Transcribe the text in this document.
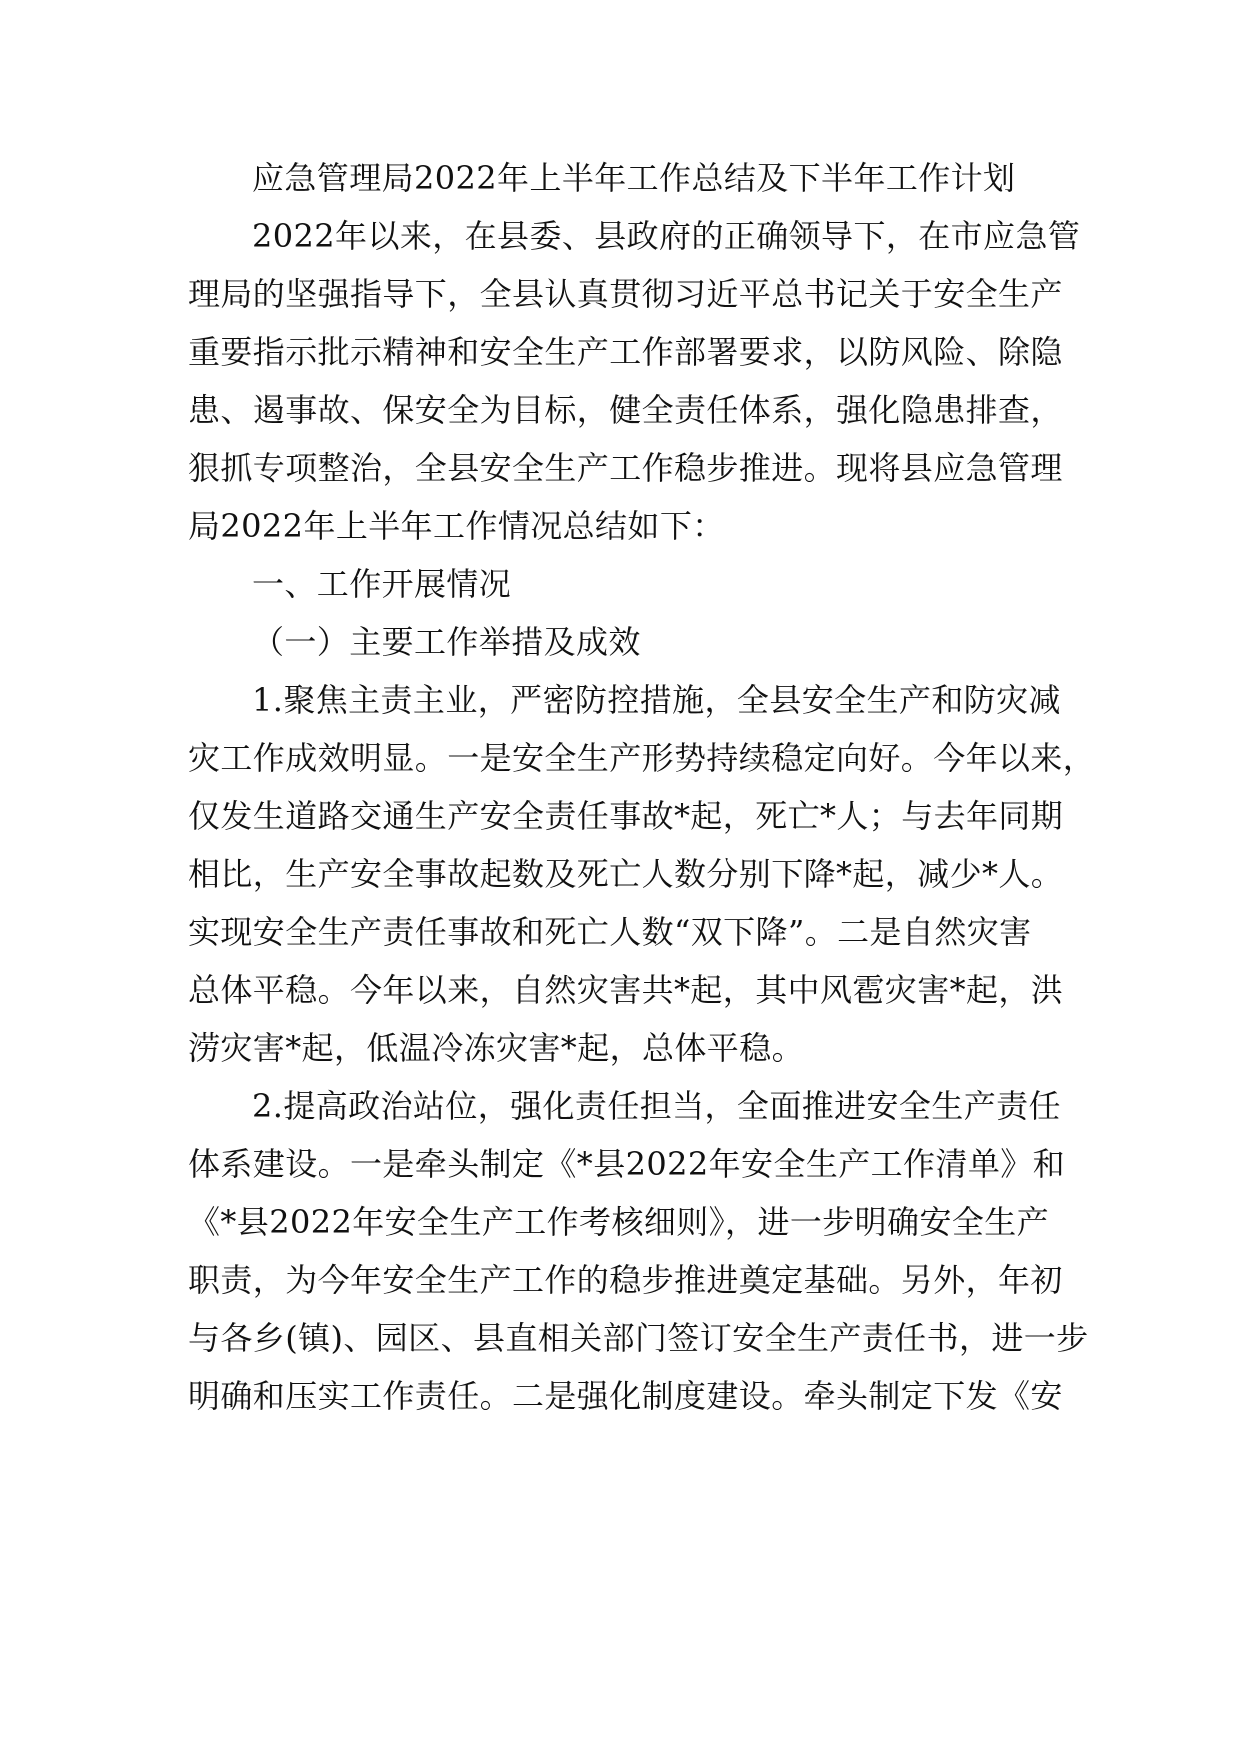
应急管理局2022年上半年工作总结及下半年工作计划
2022年以来，在县委、县政府的正确领导下，在市应急管
理局的坚强指导下，全县认真贯彻习近平总书记关于安全生产
重要指示批示精神和安全生产工作部署要求，以防风险、除隐
患、遏事故、保安全为目标，健全责任体系，强化隐患排查，
狠抓专项整治，全县安全生产工作稳步推进。现将县应急管理
局2022年上半年工作情况总结如下：
一、工作开展情况
（一）主要工作举措及成效
1.聚焦主责主业，严密防控措施，全县安全生产和防灾减
灾工作成效明显。一是安全生产形势持续稳定向好。今年以来，
仅发生道路交通生产安全责任事故*起，死亡*人；与去年同期
相比，生产安全事故起数及死亡人数分别下降*起，减少*人。
实现安全生产责任事故和死亡人数“双下降”。二是自然灾害
总体平稳。今年以来，自然灾害共*起，其中风雹灾害*起，洪
涝灾害*起，低温冷冻灾害*起，总体平稳。
2.提高政治站位，强化责任担当，全面推进安全生产责任
体系建设。一是牵头制定《*县2022年安全生产工作清单》和
《*县2022年安全生产工作考核细则》，进一步明确安全生产
职责，为今年安全生产工作的稳步推进奠定基础。另外，年初
与各乡(镇)、园区、县直相关部门签订安全生产责任书，进一步
明确和压实工作责任。二是强化制度建设。牵头制定下发《安
